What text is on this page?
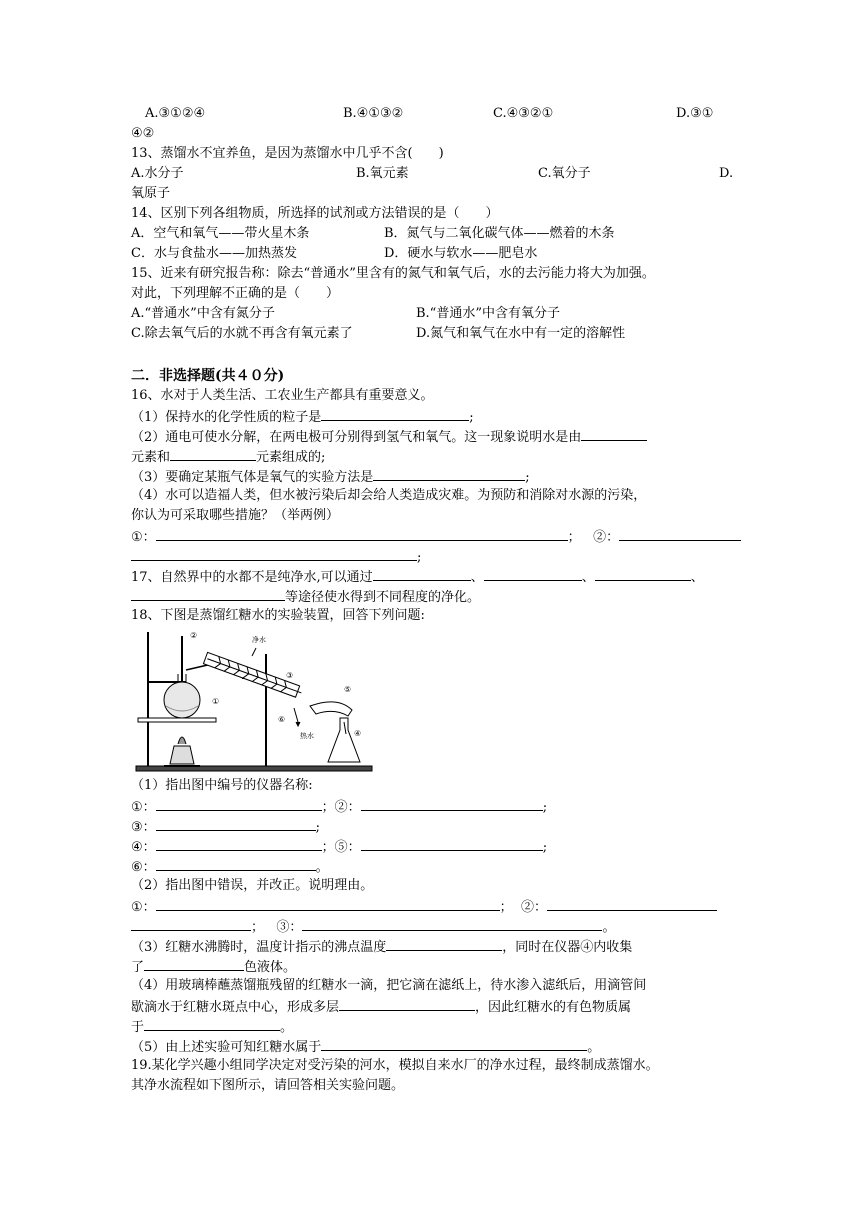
A.③①②④	B.④①③②	C.④③②①	D.③①
④②
13、蒸馏水不宜养鱼，是因为蒸馏水中几乎不含(　　)
A.水分子	B.氧元素	C.氧分子	D.
氧原子
14、区别下列各组物质，所选择的试剂或方法错误的是（　　）
A．空气和氧气——带火星木条	B．氮气与二氧化碳气体——燃着的木条
C．水与食盐水——加热蒸发	D．硬水与软水——肥皂水
15、近来有研究报告称：除去“普通水”里含有的氮气和氧气后，水的去污能力将大为加强。
对此，下列理解不正确的是（　　）
A.“普通水”中含有氮分子	B.“普通水”中含有氧分子
C.除去氧气后的水就不再含有氧元素了	D.氮气和氧气在水中有一定的溶解性
二．非选择题(共４０分)
16、水对于人类生活、工农业生产都具有重要意义。
（1）保持水的化学性质的粒子是	;
（2）通电可使水分解，在两电极可分别得到氢气和氧气。这一现象说明水是由
元素和	元素组成的;
（3）要确定某瓶气体是氧气的实验方法是	;
（4）水可以造福人类，但水被污染后却会给人类造成灾难。为预防和消除对水源的污染，
你认为可采取哪些措施？（举两例）
①：	； ②：
;
17、自然界中的水都不是纯净水,可以通过	、	、	、
等途径使水得到不同程度的净化。
18、下图是蒸馏红糖水的实验装置，回答下列问题:
②
①
净水
③
⑤
⑥
热水	④
（1）指出图中编号的仪器名称:
①：	；②：	;
③：	;
④：	；⑤：	;
⑥：	。
（2）指出图中错误，并改正。说明理由。
①：	； ②：
； ③：	。
（3）红糖水沸腾时，温度计指示的沸点温度	，同时在仪器④内收集
了	色液体。
（4）用玻璃棒蘸蒸馏瓶残留的红糖水一滴，把它滴在滤纸上，待水渗入滤纸后，用滴管间
歇滴水于红糖水斑点中心，形成多层	，因此红糖水的有色物质属
于	。
（5）由上述实验可知红糖水属于	。
19.某化学兴趣小组同学决定对受污染的河水，模拟自来水厂的净水过程，最终制成蒸馏水。
其净水流程如下图所示，请回答相关实验问题。
